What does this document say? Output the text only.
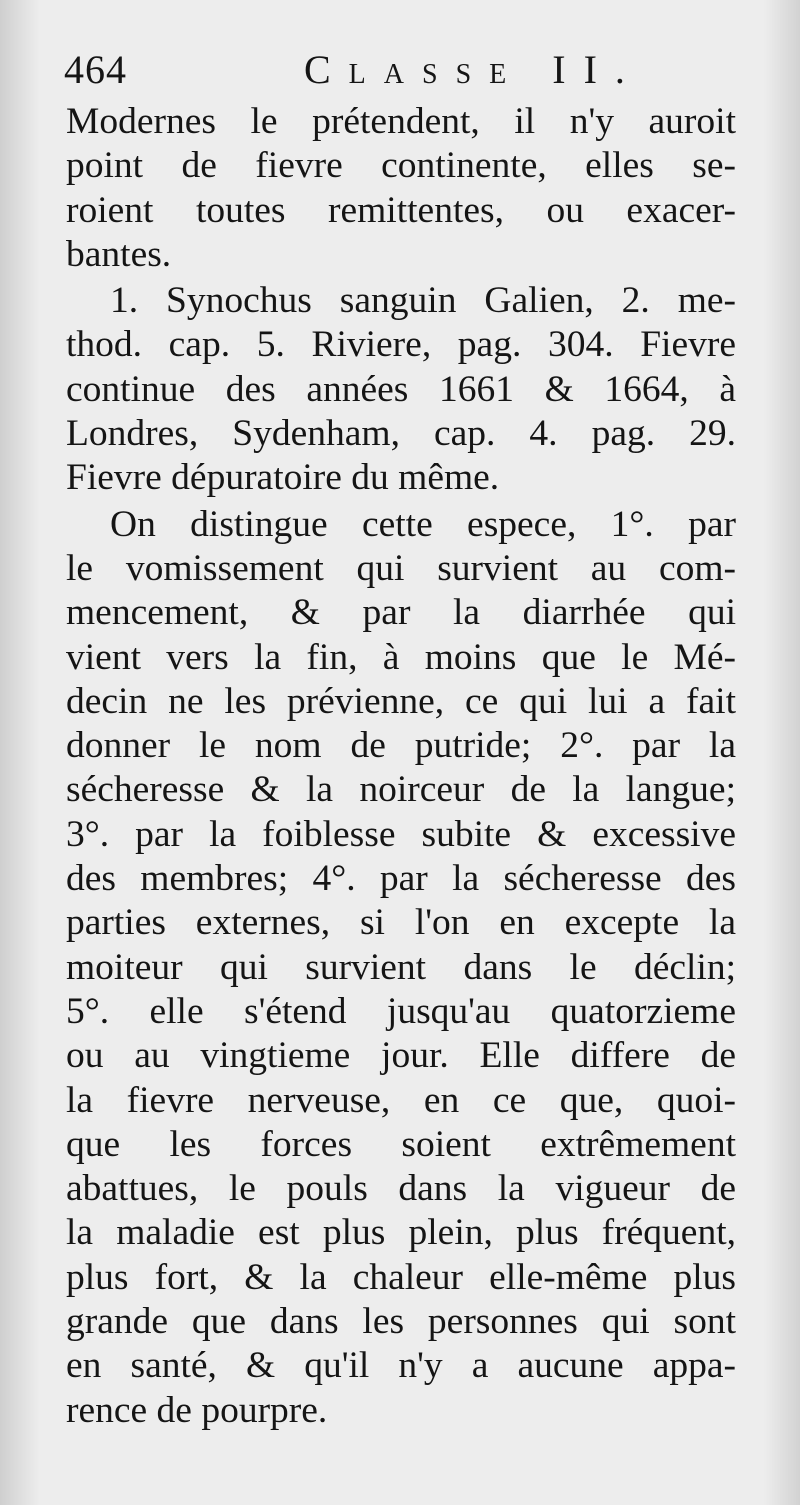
464	Classe II.
Modernes le prétendent, il n'y auroit
point de fievre continente, elles se-
roient toutes remittentes, ou exacer-
bantes.
1. Synochus sanguin Galien, 2. me-
thod. cap. 5. Riviere, pag. 304. Fievre
continue des années 1661 & 1664, à
Londres, Sydenham, cap. 4. pag. 29.
Fievre dépuratoire du même.
On distingue cette espece, 1°. par
le vomissement qui survient au com-
mencement, & par la diarrhée qui
vient vers la fin, à moins que le Mé-
decin ne les prévienne, ce qui lui a fait
donner le nom de putride; 2°. par la
sécheresse & la noirceur de la langue;
3°. par la foiblesse subite & excessive
des membres; 4°. par la sécheresse des
parties externes, si l'on en excepte la
moiteur qui survient dans le déclin;
5°. elle s'étend jusqu'au quatorzieme
ou au vingtieme jour. Elle differe de
la fievre nerveuse, en ce que, quoi-
que les forces soient extrêmement
abattues, le pouls dans la vigueur de
la maladie est plus plein, plus fréquent,
plus fort, & la chaleur elle-même plus
grande que dans les personnes qui sont
en santé, & qu'il n'y a aucune appa-
rence de pourpre.
